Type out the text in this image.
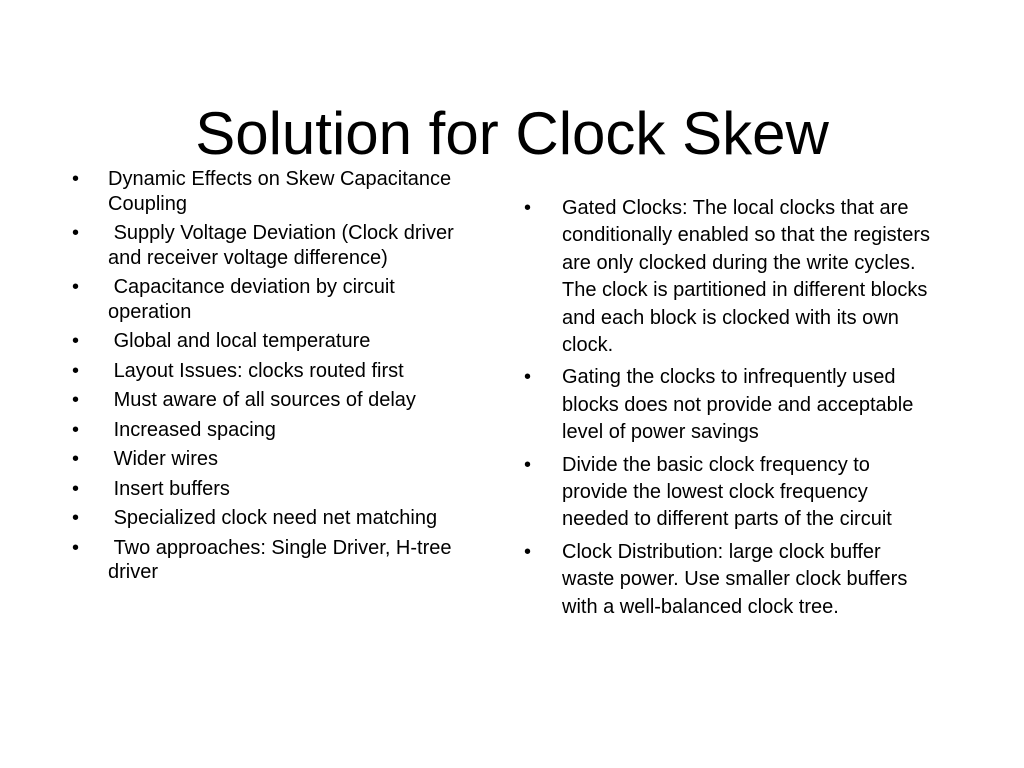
Solution for Clock Skew
•	Dynamic Effects on Skew Capacitance Coupling
•	Supply Voltage Deviation (Clock driver and receiver voltage difference)
•	Capacitance deviation by circuit operation
•	Global and local temperature
•	Layout Issues: clocks routed first
•	Must aware of all sources of delay
•	Increased spacing
•	Wider wires
•	Insert buffers
•	Specialized clock need net matching
•	Two approaches: Single Driver, H-tree driver
•	Gated Clocks: The local clocks that are conditionally enabled so that the registers are only clocked during the write cycles. The clock is partitioned in different blocks and each block is clocked with its own clock.
•	Gating the clocks to infrequently used blocks does not provide and acceptable level of power savings
•	Divide the basic clock frequency to provide the lowest clock frequency needed to different parts of the circuit
•	Clock Distribution: large clock buffer waste power. Use smaller clock buffers with a well-balanced clock tree.
